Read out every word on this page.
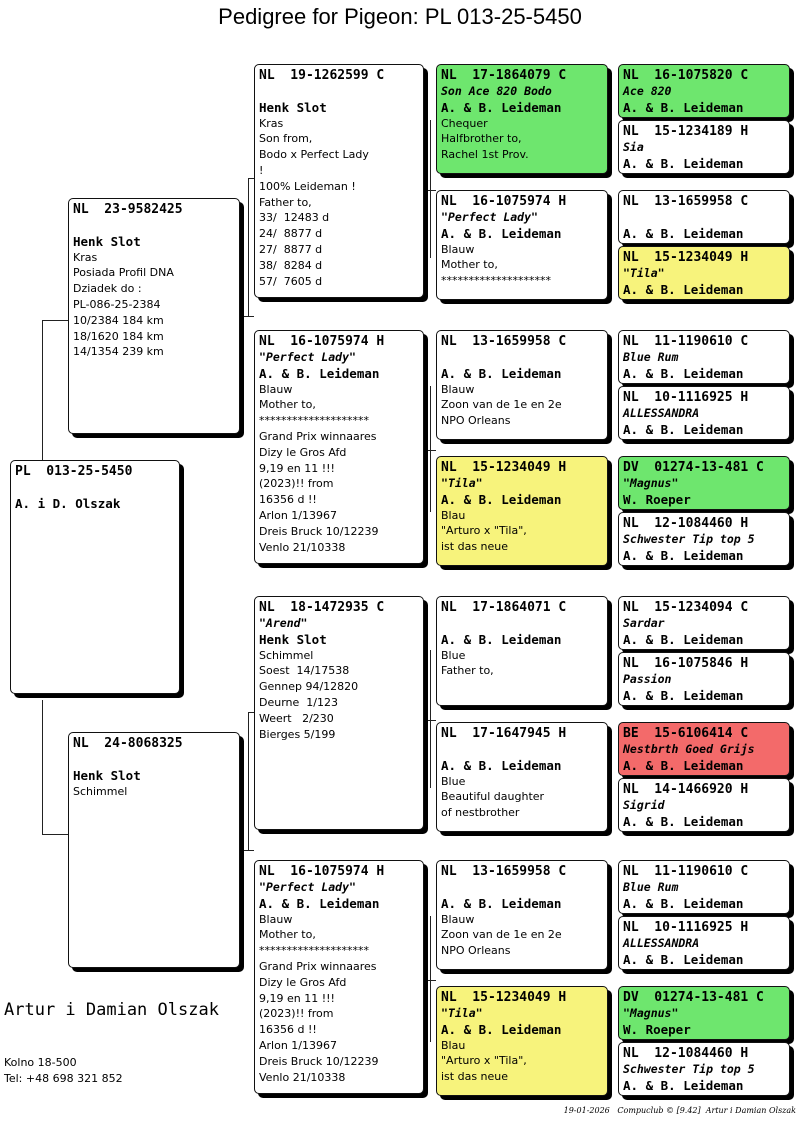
Pedigree for Pigeon: PL 013-25-5450
PL  013-25-5450
A. i D. Olszak
NL  23-9582425
Henk Slot
Kras
Posiada Profil DNA
Dziadek do :
PL-086-25-2384
10/2384 184 km
18/1620 184 km
14/1354 239 km
NL  24-8068325
Henk Slot
Schimmel
NL  19-1262599 C
Henk Slot
Kras
Son from,
Bodo x Perfect Lady
!
100% Leideman !
Father to,
33/  12483 d
24/  8877 d
27/  8877 d
38/  8284 d
57/  7605 d
NL  16-1075974 H
"Perfect Lady"
A. & B. Leideman
Blauw
Mother to,
********************
Grand Prix winnaares
Dizy le Gros Afd
9,19 en 11 !!!
(2023)!! from
16356 d !!
Arlon 1/13967
Dreis Bruck 10/12239
Venlo 21/10338
NL  18-1472935 C
"Arend"
Henk Slot
Schimmel
Soest  14/17538
Gennep 94/12820
Deurne  1/123
Weert   2/230
Bierges 5/199
NL  16-1075974 H
"Perfect Lady"
A. & B. Leideman
Blauw
Mother to,
********************
Grand Prix winnaares
Dizy le Gros Afd
9,19 en 11 !!!
(2023)!! from
16356 d !!
Arlon 1/13967
Dreis Bruck 10/12239
Venlo 21/10338
NL  17-1864079 C
Son Ace 820 Bodo
A. & B. Leideman
Chequer
Halfbrother to,
Rachel 1st Prov.
NL  16-1075974 H
"Perfect Lady"
A. & B. Leideman
Blauw
Mother to,
********************
NL  13-1659958 C
A. & B. Leideman
Blauw
Zoon van de 1e en 2e
NPO Orleans
NL  15-1234049 H
"Tila"
A. & B. Leideman
Blau
"Arturo x "Tila",
ist das neue
NL  17-1864071 C
A. & B. Leideman
Blue
Father to,
NL  17-1647945 H
A. & B. Leideman
Blue
Beautiful daughter
of nestbrother
NL  13-1659958 C
A. & B. Leideman
Blauw
Zoon van de 1e en 2e
NPO Orleans
NL  15-1234049 H
"Tila"
A. & B. Leideman
Blau
"Arturo x "Tila",
ist das neue
NL  16-1075820 C
Ace 820
A. & B. Leideman
NL  15-1234189 H
Sia
A. & B. Leideman
NL  13-1659958 C
A. & B. Leideman
NL  15-1234049 H
"Tila"
A. & B. Leideman
NL  11-1190610 C
Blue Rum
A. & B. Leideman
NL  10-1116925 H
ALLESSANDRA
A. & B. Leideman
DV  01274-13-481 C
"Magnus"
W. Roeper
NL  12-1084460 H
Schwester Tip top 5
A. & B. Leideman
NL  15-1234094 C
Sardar
A. & B. Leideman
NL  16-1075846 H
Passion
A. & B. Leideman
BE  15-6106414 C
Nestbrth Goed Grijs
A. & B. Leideman
NL  14-1466920 H
Sigrid
A. & B. Leideman
NL  11-1190610 C
Blue Rum
A. & B. Leideman
NL  10-1116925 H
ALLESSANDRA
A. & B. Leideman
DV  01274-13-481 C
"Magnus"
W. Roeper
NL  12-1084460 H
Schwester Tip top 5
A. & B. Leideman
Artur i Damian Olszak
Kolno 18-500
Tel: +48 698 321 852
19-01-2026   Compuclub © [9.42]  Artur i Damian Olszak
